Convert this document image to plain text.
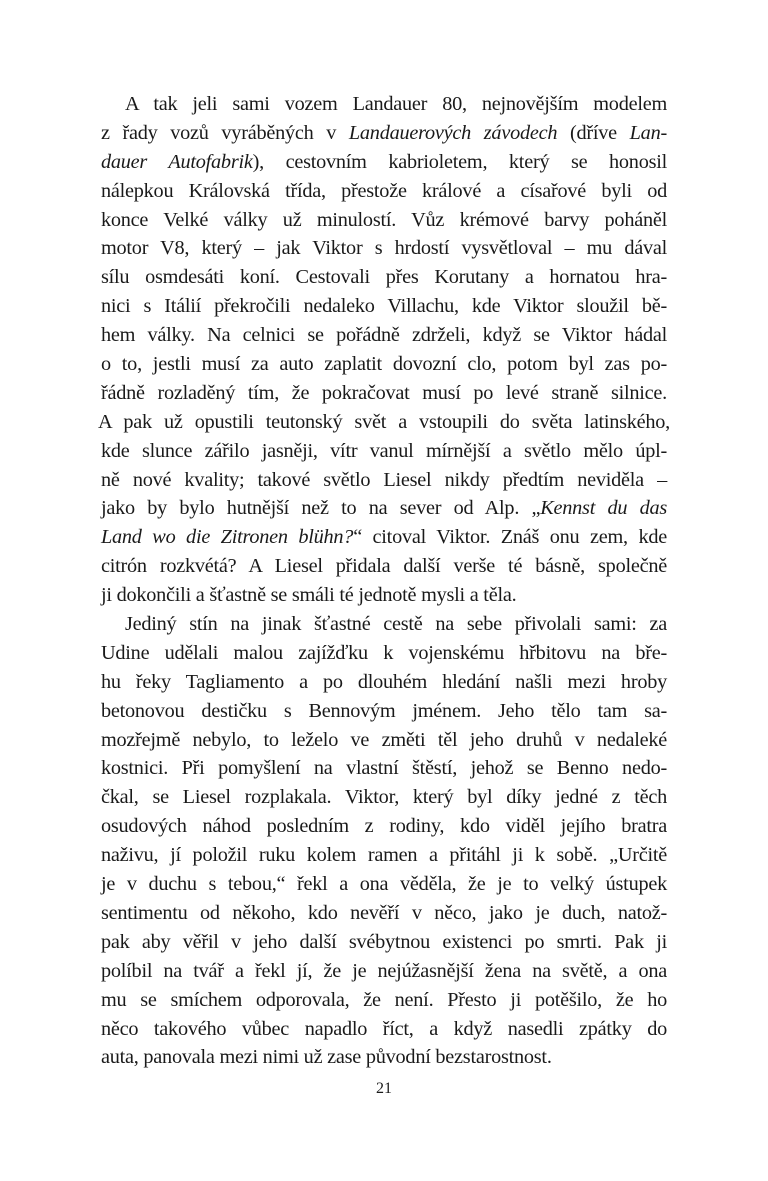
A tak jeli sami vozem Landauer 80, nejnovějším modelem
z řady vozů vyráběných v Landauerových závodech (dříve Lan-
dauer Autofabrik), cestovním kabrioletem, který se honosil
nálepkou Královská třída, přestože králové a císařové byli od
konce Velké války už minulostí. Vůz krémové barvy poháněl
motor V8, který – jak Viktor s hrdostí vysvětloval – mu dával
sílu osmdesáti koní. Cestovali přes Korutany a hornatou hra-
nici s Itálií překročili nedaleko Villachu, kde Viktor sloužil bě-
hem války. Na celnici se pořádně zdrželi, když se Viktor hádal
o to, jestli musí za auto zaplatit dovozní clo, potom byl zas po-
řádně rozladěný tím, že pokračovat musí po levé straně silnice.
A pak už opustili teutonský svět a vstoupili do světa latinského,
kde slunce zářilo jasněji, vítr vanul mírnější a světlo mělo úpl-
ně nové kvality; takové světlo Liesel nikdy předtím neviděla –
jako by bylo hutnější než to na sever od Alp. „Kennst du das
Land wo die Zitronen blühn?“ citoval Viktor. Znáš onu zem, kde
citrón rozkvétá? A Liesel přidala další verše té básně, společně
ji dokončili a šťastně se smáli té jednotě mysli a těla.
Jediný stín na jinak šťastné cestě na sebe přivolali sami: za
Udine udělali malou zajížďku k vojenskému hřbitovu na bře-
hu řeky Tagliamento a po dlouhém hledání našli mezi hroby
betonovou destičku s Bennovým jménem. Jeho tělo tam sa-
mozřejmě nebylo, to leželo ve změti těl jeho druhů v nedaleké
kostnici. Při pomyšlení na vlastní štěstí, jehož se Benno nedo-
čkal, se Liesel rozplakala. Viktor, který byl díky jedné z těch
osudových náhod posledním z rodiny, kdo viděl jejího bratra
naživu, jí položil ruku kolem ramen a přitáhl ji k sobě. „Určitě
je v duchu s tebou,“ řekl a ona věděla, že je to velký ústupek
sentimentu od někoho, kdo nevěří v něco, jako je duch, natož-
pak aby věřil v jeho další svébytnou existenci po smrti. Pak ji
políbil na tvář a řekl jí, že je nejúžasnější žena na světě, a ona
mu se smíchem odporovala, že není. Přesto ji potěšilo, že ho
něco takového vůbec napadlo říct, a když nasedli zpátky do
auta, panovala mezi nimi už zase původní bezstarostnost.
21
